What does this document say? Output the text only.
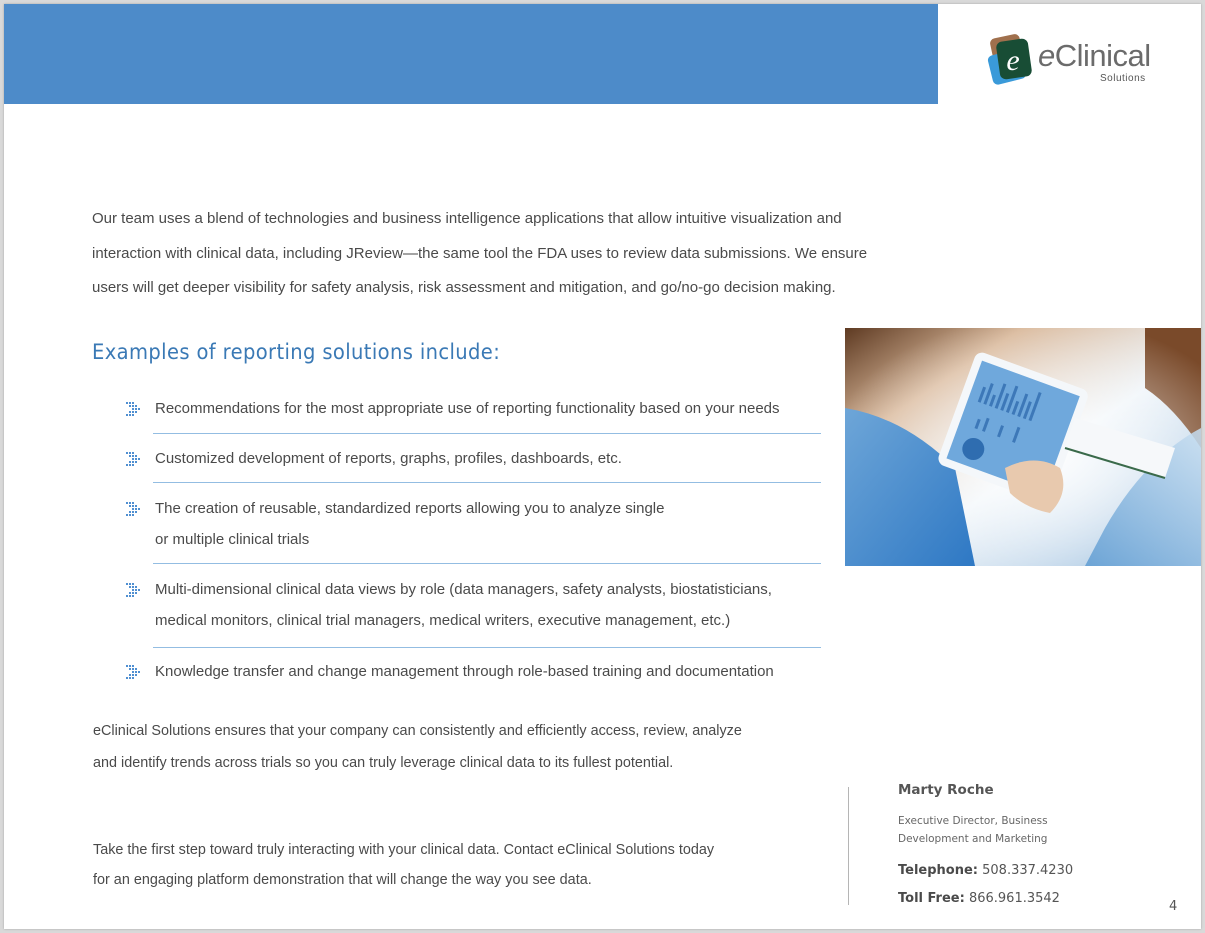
e eClinical
Solutions
Our team uses a blend of technologies and business intelligence applications that allow intuitive visualization and
interaction with clinical data, including JReview—the same tool the FDA uses to review data submissions. We ensure
users will get deeper visibility for safety analysis, risk assessment and mitigation, and go/no-go decision making.
Examples of reporting solutions include:
Recommendations for the most appropriate use of reporting functionality based on your needs
Customized development of reports, graphs, profiles, dashboards, etc.
The creation of reusable, standardized reports allowing you to analyze single
or multiple clinical trials
Multi-dimensional clinical data views by role (data managers, safety analysts, biostatisticians,
medical monitors, clinical trial managers, medical writers, executive management, etc.)
Knowledge transfer and change management through role-based training and documentation
eClinical Solutions ensures that your company can consistently and efficiently access, review, analyze
and identify trends across trials so you can truly leverage clinical data to its fullest potential.
Take the first step toward truly interacting with your clinical data. Contact eClinical Solutions today
for an engaging platform demonstration that will change the way you see data.
Marty Roche
Executive Director, Business
Development and Marketing
Telephone: 508.337.4230
Toll Free: 866.961.3542
4
